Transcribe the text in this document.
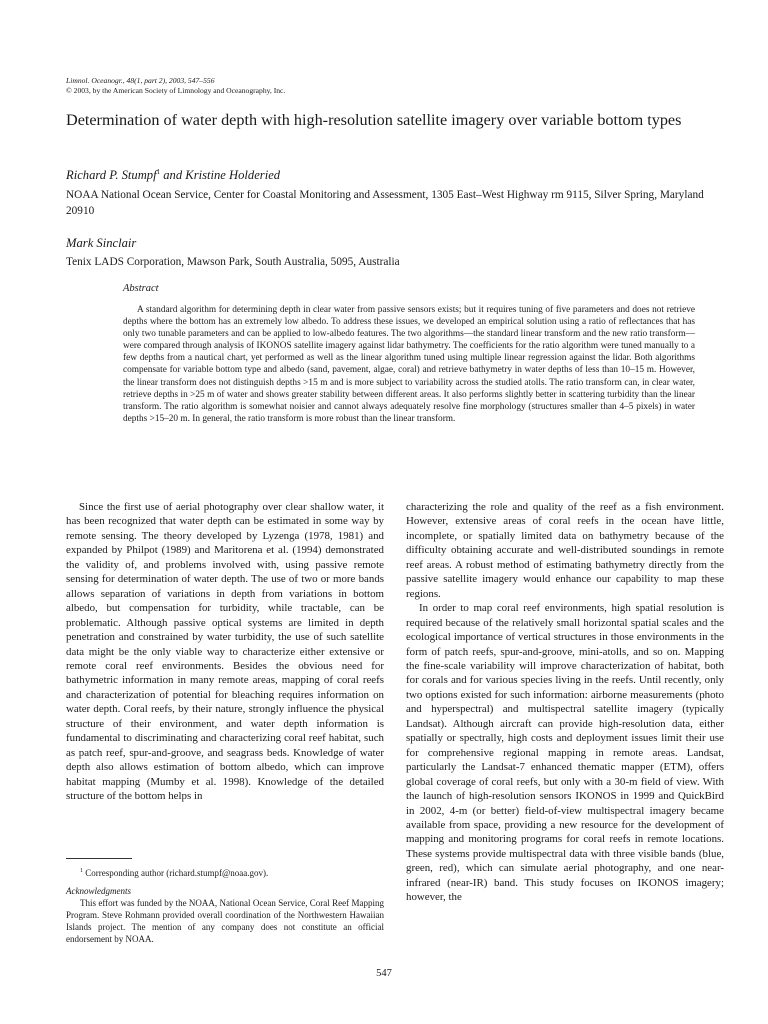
Limnol. Oceanogr., 48(1, part 2), 2003, 547–556
© 2003, by the American Society of Limnology and Oceanography, Inc.
Determination of water depth with high-resolution satellite imagery over variable bottom types
Richard P. Stumpf$^1$ and Kristine Holderied
NOAA National Ocean Service, Center for Coastal Monitoring and Assessment, 1305 East–West Highway rm 9115, Silver Spring, Maryland 20910
Mark Sinclair
Tenix LADS Corporation, Mawson Park, South Australia, 5095, Australia
Abstract

A standard algorithm for determining depth in clear water from passive sensors exists; but it requires tuning of five parameters and does not retrieve depths where the bottom has an extremely low albedo. To address these issues, we developed an empirical solution using a ratio of reflectances that has only two tunable parameters and can be applied to low-albedo features. The two algorithms—the standard linear transform and the new ratio transform—were compared through analysis of IKONOS satellite imagery against lidar bathymetry. The coefficients for the ratio algorithm were tuned manually to a few depths from a nautical chart, yet performed as well as the linear algorithm tuned using multiple linear regression against the lidar. Both algorithms compensate for variable bottom type and albedo (sand, pavement, algae, coral) and retrieve bathymetry in water depths of less than 10–15 m. However, the linear transform does not distinguish depths >15 m and is more subject to variability across the studied atolls. The ratio transform can, in clear water, retrieve depths in >25 m of water and shows greater stability between different areas. It also performs slightly better in scattering turbidity than the linear transform. The ratio algorithm is somewhat noisier and cannot always adequately resolve fine morphology (structures smaller than 4–5 pixels) in water depths >15–20 m. In general, the ratio transform is more robust than the linear transform.

Since the first use of aerial photography over clear shallow water, it has been recognized that water depth can be estimated in some way by remote sensing. The theory developed by Lyzenga (1978, 1981) and expanded by Philpot (1989) and Maritorena et al. (1994) demonstrated the validity of, and problems involved with, using passive remote sensing for determination of water depth. The use of two or more bands allows separation of variations in depth from variations in bottom albedo, but compensation for turbidity, while tractable, can be problematic. Although passive optical systems are limited in depth penetration and constrained by water turbidity, the use of such satellite data might be the only viable way to characterize either extensive or remote coral reef environments. Besides the obvious need for bathymetric information in many remote areas, mapping of coral reefs and characterization of potential for bleaching requires information on water depth. Coral reefs, by their nature, strongly influence the physical structure of their environment, and water depth information is fundamental to discriminating and characterizing coral reef habitat, such as patch reef, spur-and-groove, and seagrass beds. Knowledge of water depth also allows estimation of bottom albedo, which can improve habitat mapping (Mumby et al. 1998). Knowledge of the detailed structure of the bottom helps in

characterizing the role and quality of the reef as a fish environment. However, extensive areas of coral reefs in the ocean have little, incomplete, or spatially limited data on bathymetry because of the difficulty obtaining accurate and well-distributed soundings in remote reef areas. A robust method of estimating bathymetry directly from the passive satellite imagery would enhance our capability to map these regions.

In order to map coral reef environments, high spatial resolution is required because of the relatively small horizontal spatial scales and the ecological importance of vertical structures in those environments in the form of patch reefs, spur-and-groove, mini-atolls, and so on. Mapping the fine-scale variability will improve characterization of habitat, both for corals and for various species living in the reefs. Until recently, only two options existed for such information: airborne measurements (photo and hyperspectral) and multispectral satellite imagery (typically Landsat). Although aircraft can provide high-resolution data, either spatially or spectrally, high costs and deployment issues limit their use for comprehensive regional mapping in remote areas. Landsat, particularly the Landsat-7 enhanced thematic mapper (ETM), offers global coverage of coral reefs, but only with a 30-m field of view. With the launch of high-resolution sensors IKONOS in 1999 and QuickBird in 2002, 4-m (or better) field-of-view multispectral imagery became available from space, providing a new resource for the development of mapping and monitoring programs for coral reefs in remote locations. These systems provide multispectral data with three visible bands (blue, green, red), which can simulate aerial photography, and one near-infrared (near-IR) band. This study focuses on IKONOS imagery; however, the

$^1$ Corresponding author (richard.stumpf@noaa.gov).
Acknowledgments

This effort was funded by the NOAA, National Ocean Service, Coral Reef Mapping Program. Steve Rohmann provided overall coordination of the Northwestern Hawaiian Islands project. The mention of any company does not constitute an official endorsement by NOAA.

547
